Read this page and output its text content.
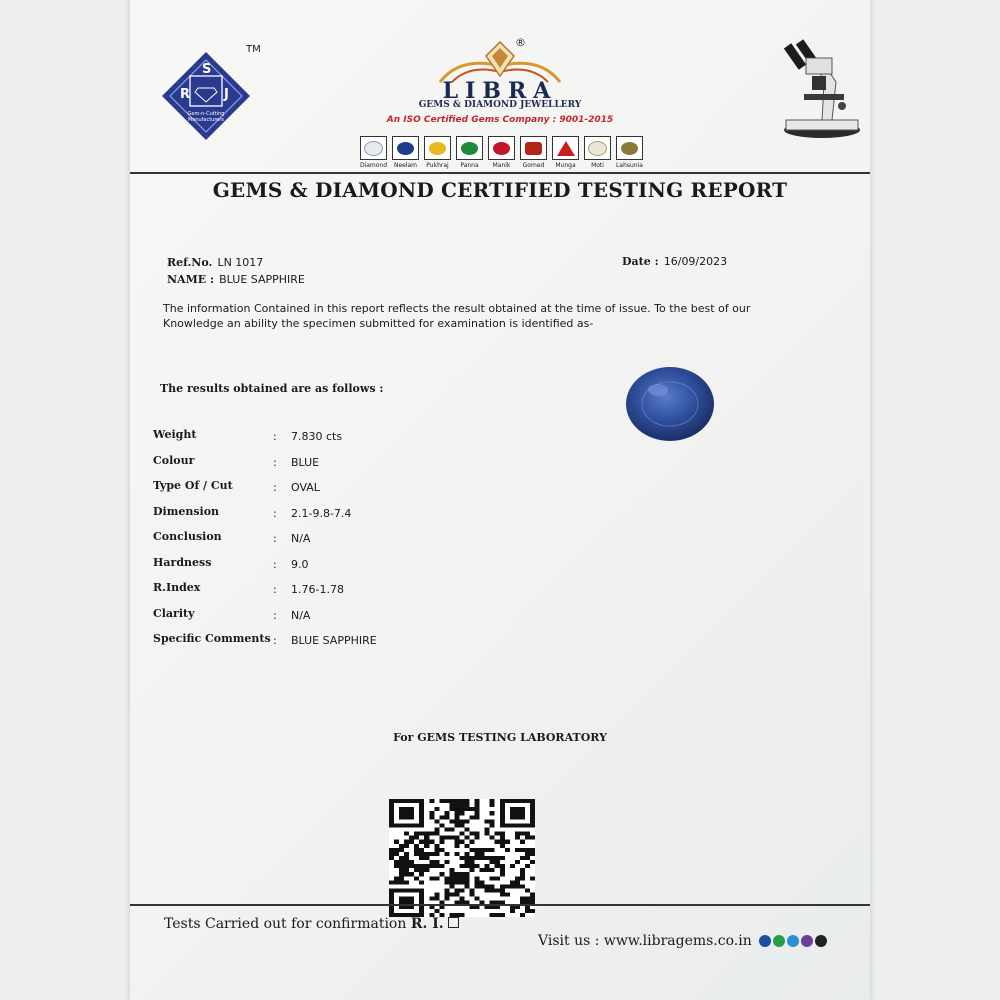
TM
S
R	J
Gem-n-Cutting
Manufacturers
®
LIBRA
GEMS & DIAMOND JEWELLERY
An ISO Certified Gems Company : 9001-2015
Diamond	Neelam	Pukhraj	Panna	Manik	Gomed	Munga	Moti	Lahsunia
GEMS & DIAMOND CERTIFIED TESTING REPORT
Ref.No. LN 1017
NAME : BLUE SAPPHIRE
Date : 16/09/2023
The information Contained in this report reflects the result obtained at the time of issue. To the best of our Knowledge an ability the specimen submitted for examination is identified as-
The results obtained are as follows :
Weight	: 7.830 cts
Colour	: BLUE
Type Of / Cut	: OVAL
Dimension	: 2.1-9.8-7.4
Conclusion	: N/A
Hardness	: 9.0
R.Index	: 1.76-1.78
Clarity	: N/A
Specific Comments : BLUE SAPPHIRE
For GEMS TESTING LABORATORY
Tests Carried out for confirmation R. I.
Visit us : www.libragems.co.in
